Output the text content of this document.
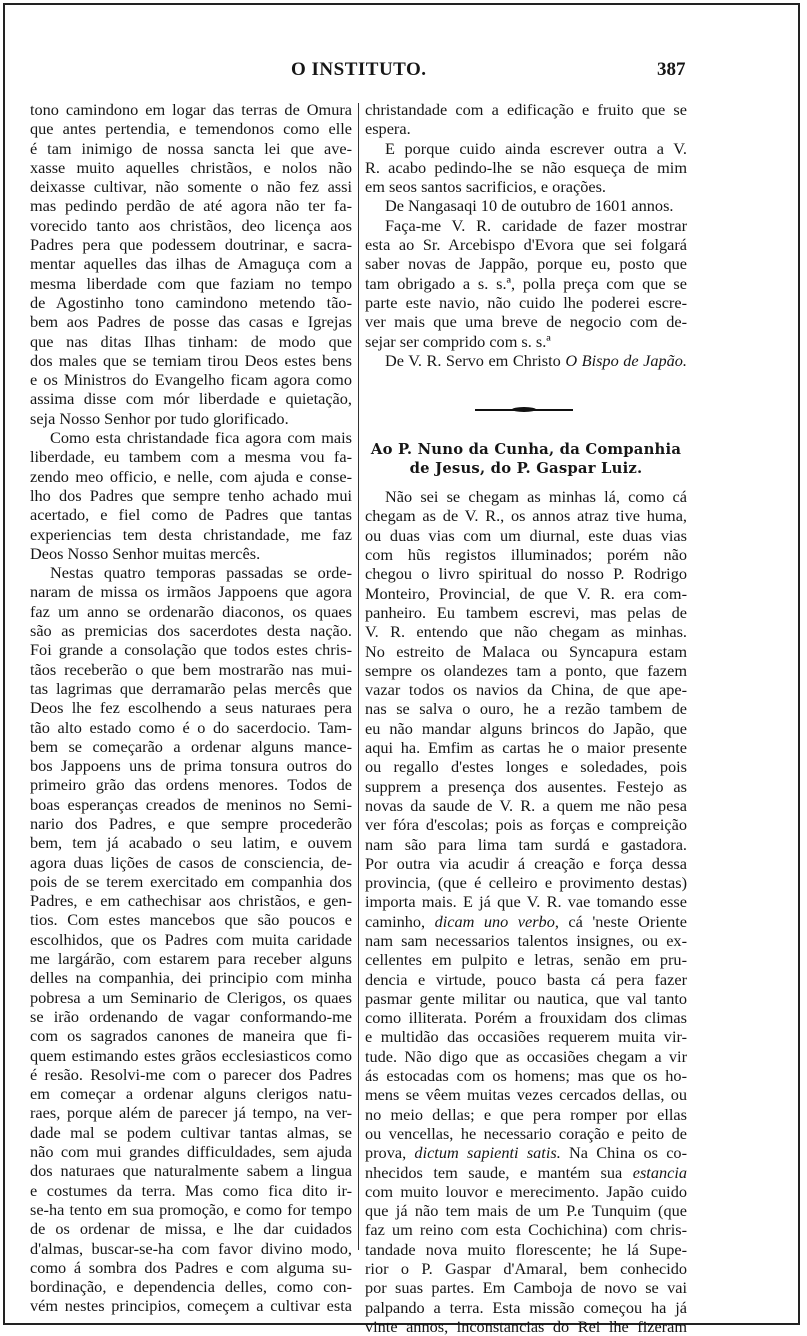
O INSTITUTO.	387
tono camindono em logar das terras de Omura
que antes pertendia, e temendonos como elle
é tam inimigo de nossa sancta lei que ave-
xasse muito aquelles christãos, e nolos não
deixasse cultivar, não somente o não fez assi
mas pedindo perdão de até agora não ter fa-
vorecido tanto aos christãos, deo licença aos
Padres pera que podessem doutrinar, e sacra-
mentar aquelles das ilhas de Amaguça com a
mesma liberdade com que faziam no tempo
de Agostinho tono camindono metendo tão-
bem aos Padres de posse das casas e Igrejas
que nas ditas Ilhas tinham: de modo que
dos males que se temiam tirou Deos estes bens
e os Ministros do Evangelho ficam agora como
assima disse com mór liberdade e quietação,
seja Nosso Senhor por tudo glorificado.
Como esta christandade fica agora com mais
liberdade, eu tambem com a mesma vou fa-
zendo meo officio, e nelle, com ajuda e conse-
lho dos Padres que sempre tenho achado mui
acertado, e fiel como de Padres que tantas
experiencias tem desta christandade, me faz
Deos Nosso Senhor muitas mercês.
Nestas quatro temporas passadas se orde-
naram de missa os irmãos Jappoens que agora
faz um anno se ordenarão diaconos, os quaes
são as premicias dos sacerdotes desta nação.
Foi grande a consolação que todos estes chris-
tãos receberão o que bem mostrarão nas mui-
tas lagrimas que derramarão pelas mercês que
Deos lhe fez escolhendo a seus naturaes pera
tão alto estado como é o do sacerdocio. Tam-
bem se começarão a ordenar alguns mance-
bos Jappoens uns de prima tonsura outros do
primeiro grão das ordens menores. Todos de
boas esperanças creados de meninos no Semi-
nario dos Padres, e que sempre procederão
bem, tem já acabado o seu latim, e ouvem
agora duas lições de casos de consciencia, de-
pois de se terem exercitado em companhia dos
Padres, e em cathechisar aos christãos, e gen-
tios. Com estes mancebos que são poucos e
escolhidos, que os Padres com muita caridade
me largárão, com estarem para receber alguns
delles na companhia, dei principio com minha
pobresa a um Seminario de Clerigos, os quaes
se irão ordenando de vagar conformando-me
com os sagrados canones de maneira que fi-
quem estimando estes grãos ecclesiasticos como
é resão. Resolvi-me com o parecer dos Padres
em começar a ordenar alguns clerigos natu-
raes, porque além de parecer já tempo, na ver-
dade mal se podem cultivar tantas almas, se
não com mui grandes difficuldades, sem ajuda
dos naturaes que naturalmente sabem a lingua
e costumes da terra. Mas como fica dito ir-
se-ha tento em sua promoção, e como for tempo
de os ordenar de missa, e lhe dar cuidados
d'almas, buscar-se-ha com favor divino modo,
como á sombra dos Padres e com alguma su-
bordinação, e dependencia delles, como con-
vém nestes principios, começem a cultivar esta
christandade com a edificação e fruito que se
espera.
E porque cuido ainda escrever outra a V.
R. acabo pedindo-lhe se não esqueça de mim
em seos santos sacrificios, e orações.
De Nangasaqi 10 de outubro de 1601 annos.
Faça-me V. R. caridade de fazer mostrar
esta ao Sr. Arcebispo d'Evora que sei folgará
saber novas de Jappão, porque eu, posto que
tam obrigado a s. s.ª, polla preça com que se
parte este navio, não cuido lhe poderei escre-
ver mais que uma breve de negocio com de-
sejar ser comprido com s. s.ª
De V. R. Servo em Christo O Bispo de Japão.
Ao P. Nuno da Cunha, da Companhia
de Jesus, do P. Gaspar Luiz.
Não sei se chegam as minhas lá, como cá
chegam as de V. R., os annos atraz tive huma,
ou duas vias com um diurnal, este duas vias
com hũs registos illuminados; porém não
chegou o livro spiritual do nosso P. Rodrigo
Monteiro, Provincial, de que V. R. era com-
panheiro. Eu tambem escrevi, mas pelas de
V. R. entendo que não chegam as minhas.
No estreito de Malaca ou Syncapura estam
sempre os olandezes tam a ponto, que fazem
vazar todos os navios da China, de que ape-
nas se salva o ouro, he a rezão tambem de
eu não mandar alguns brincos do Japão, que
aqui ha. Emfim as cartas he o maior presente
ou regallo d'estes longes e soledades, pois
supprem a presença dos ausentes. Festejo as
novas da saude de V. R. a quem me não pesa
ver fóra d'escolas; pois as forças e compreição
nam são para lima tam surdá e gastadora.
Por outra via acudir á creação e força dessa
provincia, (que é celleiro e provimento destas)
importa mais. E já que V. R. vae tomando esse
caminho, dicam uno verbo, cá 'neste Oriente
nam sam necessarios talentos insignes, ou ex-
cellentes em pulpito e letras, senão em pru-
dencia e virtude, pouco basta cá pera fazer
pasmar gente militar ou nautica, que val tanto
como illiterata. Porém a frouxidam dos climas
e multidão das occasiões requerem muita vir-
tude. Não digo que as occasiões chegam a vir
ás estocadas com os homens; mas que os ho-
mens se vêem muitas vezes cercados dellas, ou
no meio dellas; e que pera romper por ellas
ou vencellas, he necessario coração e peito de
prova, dictum sapienti satis. Na China os co-
nhecidos tem saude, e mantém sua estancia
com muito louvor e merecimento. Japão cuido
que já não tem mais de um P.e Tunquim (que
faz um reino com esta Cochichina) com chris-
tandade nova muito florescente; he lá Supe-
rior o P. Gaspar d'Amaral, bem conhecido
por suas partes. Em Camboja de novo se vai
palpando a terra. Esta missão começou ha já
vinte annos, inconstancias do Rei lhe fizeram
